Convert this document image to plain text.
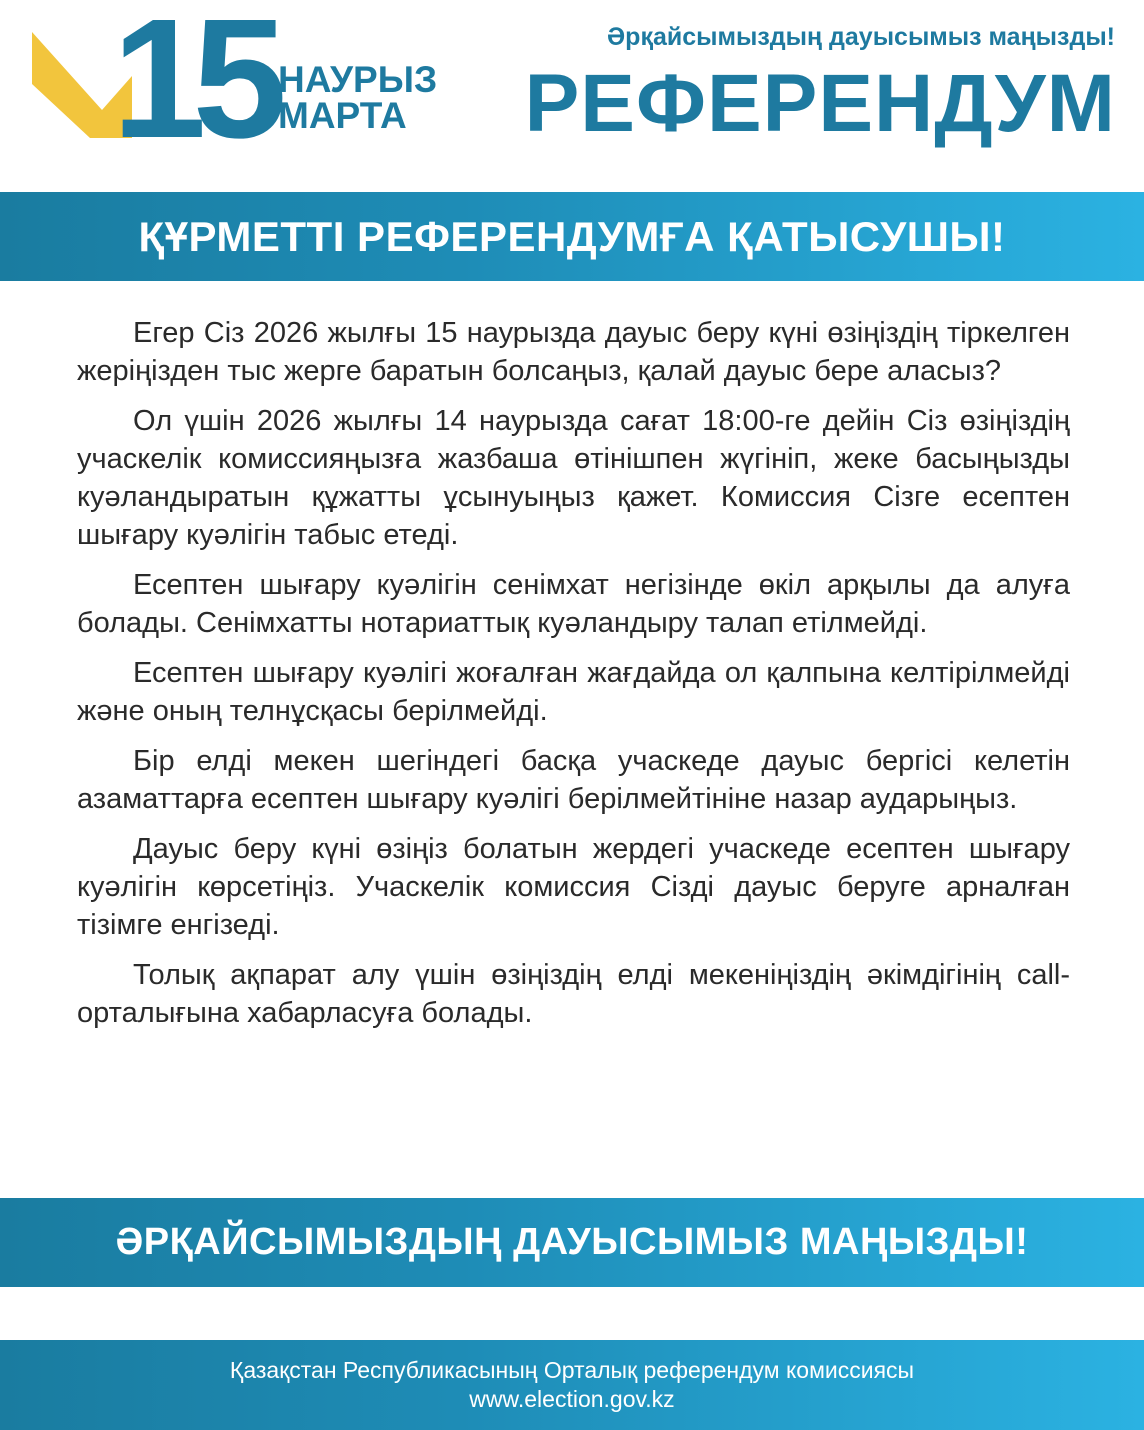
15 НАУРЫЗ
МАРТА
Әрқайсымыздың дауысымыз маңызды!
РЕФЕРЕНДУМ
ҚҰРМЕТТІ РЕФЕРЕНДУМҒА ҚАТЫСУШЫ!

Егер Сіз 2026 жылғы 15 наурызда дауыс беру күні өзіңіздің тіркелген жеріңізден тыс жерге баратын болсаңыз, қалай дауыс бере аласыз?

Ол үшін 2026 жылғы 14 наурызда сағат 18:00-ге дейін Сіз өзіңіздің учаскелік комиссияңызға жазбаша өтінішпен жүгініп, жеке басыңызды куәландыратын құжатты ұсынуыңыз қажет. Комиссия Сізге есептен шығару куәлігін табыс етеді.

Есептен шығару куәлігін сенімхат негізінде өкіл арқылы да алуға болады. Сенімхатты нотариаттық куәландыру талап етілмейді.

Есептен шығару куәлігі жоғалған жағдайда ол қалпына келтірілмейді және оның телнұсқасы берілмейді.

Бір елді мекен шегіндегі басқа учаскеде дауыс бергісі келетін азаматтарға есептен шығару куәлігі берілмейтініне назар аударыңыз.

Дауыс беру күні өзіңіз болатын жердегі учаскеде есептен шығару куәлігін көрсетіңіз. Учаскелік комиссия Сізді дауыс беруге арналған тізімге енгізеді.

Толық ақпарат алу үшін өзіңіздің елді мекеніңіздің әкімдігінің call-орталығына хабарласуға болады.

ӘРҚАЙСЫМЫЗДЫҢ ДАУЫСЫМЫЗ МАҢЫЗДЫ!
Қазақстан Республикасының Орталық референдум комиссиясы
www.election.gov.kz
